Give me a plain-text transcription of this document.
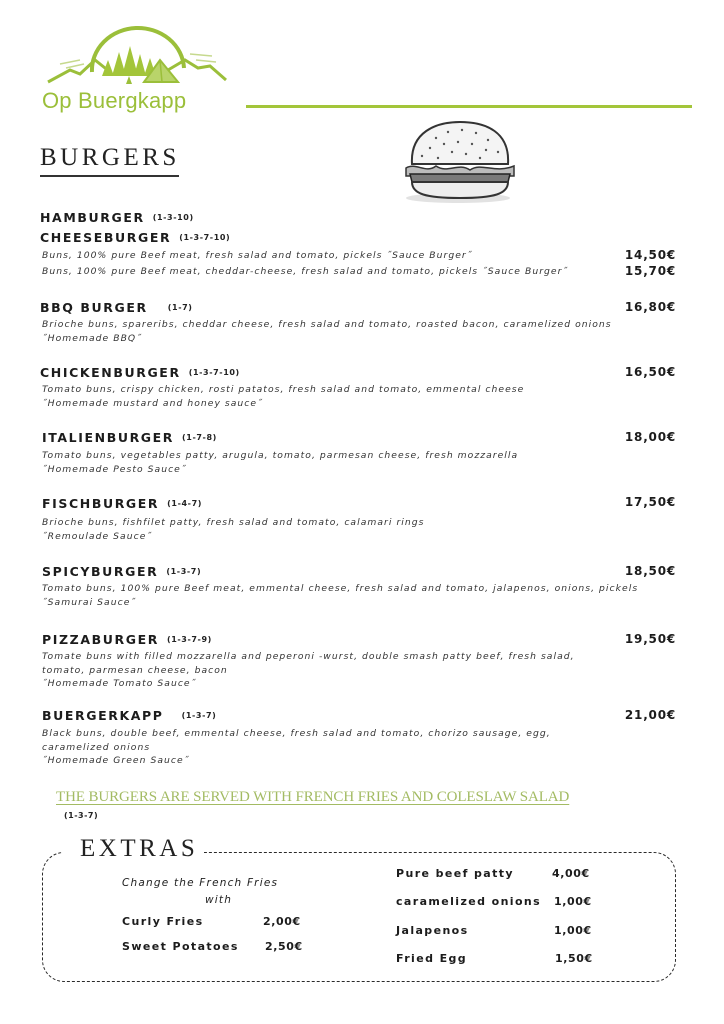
Op Buergkapp
BURGERS
HAMBURGER (1-3-10)
CHEESEBURGER (1-3-7-10)
Buns, 100% pure Beef meat, fresh salad and tomato, pickels ˝Sauce Burger˝	14,50€
Buns, 100% pure Beef meat, cheddar-cheese, fresh salad and tomato, pickels ˝Sauce Burger˝	15,70€
BBQ BURGER	(1-7)	16,80€
Brioche buns, spareribs, cheddar cheese, fresh salad and tomato, roasted bacon, caramelized onions
˝Homemade BBQ˝
CHICKENBURGER (1-3-7-10)	16,50€
Tomato buns, crispy chicken, rosti patatos, fresh salad and tomato, emmental cheese
˝Homemade mustard and honey sauce˝
ITALIENBURGER (1-7-8)	18,00€
Tomato buns, vegetables patty, arugula, tomato, parmesan cheese, fresh mozzarella
˝Homemade Pesto Sauce˝
FISCHBURGER (1-4-7)	17,50€
Brioche buns, fishfilet patty, fresh salad and tomato, calamari rings
˝Remoulade Sauce˝
SPICYBURGER (1-3-7)	18,50€
Tomato buns, 100% pure Beef meat, emmental cheese, fresh salad and tomato, jalapenos, onions, pickels
˝Samurai Sauce˝
PIZZABURGER (1-3-7-9)	19,50€
Tomate buns with filled mozzarella and peperoni -wurst, double smash patty beef, fresh salad,
tomato, parmesan cheese, bacon
˝Homemade Tomato Sauce˝
BUERGERKAPP (1-3-7)	21,00€
Black buns, double beef, emmental cheese, fresh salad and tomato, chorizo sausage, egg,
caramelized onions
˝Homemade Green Sauce˝
THE BURGERS ARE SERVED WITH FRENCH FRIES AND COLESLAW SALAD
(1-3-7)
EXTRAS
Change the French Fries
with
Curly Fries	2,00€
Sweet Potatoes 2,50€
Pure beef patty	4,00€
caramelized onions 1,00€
Jalapenos	1,00€
Fried Egg	1,50€
